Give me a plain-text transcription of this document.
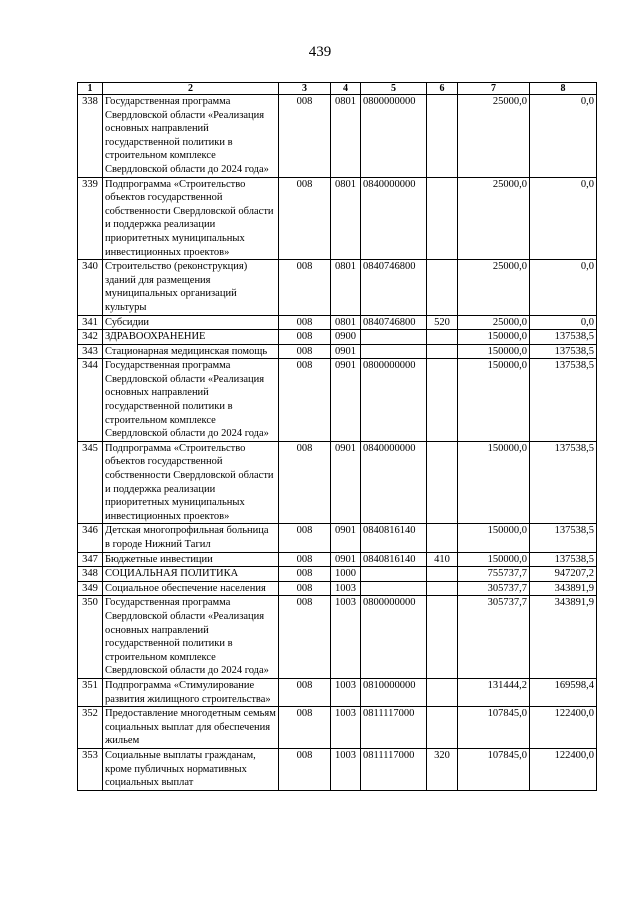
439
1	2	3	4	5	6	7	8
338	Государственная программа Свердловской области «Реализация основных направлений государственной политики в строительном комплексе Свердловской области до 2024 года»	008	0801	0800000000		25000,0	0,0
339	Подпрограмма «Строительство объектов государственной собственности Свердловской области и поддержка реализации приоритетных муниципальных инвестиционных проектов»	008	0801	0840000000		25000,0	0,0
340	Строительство (реконструкция) зданий для размещения муниципальных организаций культуры	008	0801	0840746800		25000,0	0,0
341	Субсидии	008	0801	0840746800	520	25000,0	0,0
342	ЗДРАВООХРАНЕНИЕ	008	0900			150000,0	137538,5
343	Стационарная медицинская помощь	008	0901			150000,0	137538,5
344	Государственная программа Свердловской области «Реализация основных направлений государственной политики в строительном комплексе Свердловской области до 2024 года»	008	0901	0800000000		150000,0	137538,5
345	Подпрограмма «Строительство объектов государственной собственности Свердловской области и поддержка реализации приоритетных муниципальных инвестиционных проектов»	008	0901	0840000000		150000,0	137538,5
346	Детская многопрофильная больница в городе Нижний Тагил	008	0901	0840816140		150000,0	137538,5
347	Бюджетные инвестиции	008	0901	0840816140	410	150000,0	137538,5
348	СОЦИАЛЬНАЯ ПОЛИТИКА	008	1000			755737,7	947207,2
349	Социальное обеспечение населения	008	1003			305737,7	343891,9
350	Государственная программа Свердловской области «Реализация основных направлений государственной политики в строительном комплексе Свердловской области до 2024 года»	008	1003	0800000000		305737,7	343891,9
351	Подпрограмма «Стимулирование развития жилищного строительства»	008	1003	0810000000		131444,2	169598,4
352	Предоставление многодетным семьям социальных выплат для обеспечения жильем	008	1003	0811117000		107845,0	122400,0
353	Социальные выплаты гражданам, кроме публичных нормативных социальных выплат	008	1003	0811117000	320	107845,0	122400,0
